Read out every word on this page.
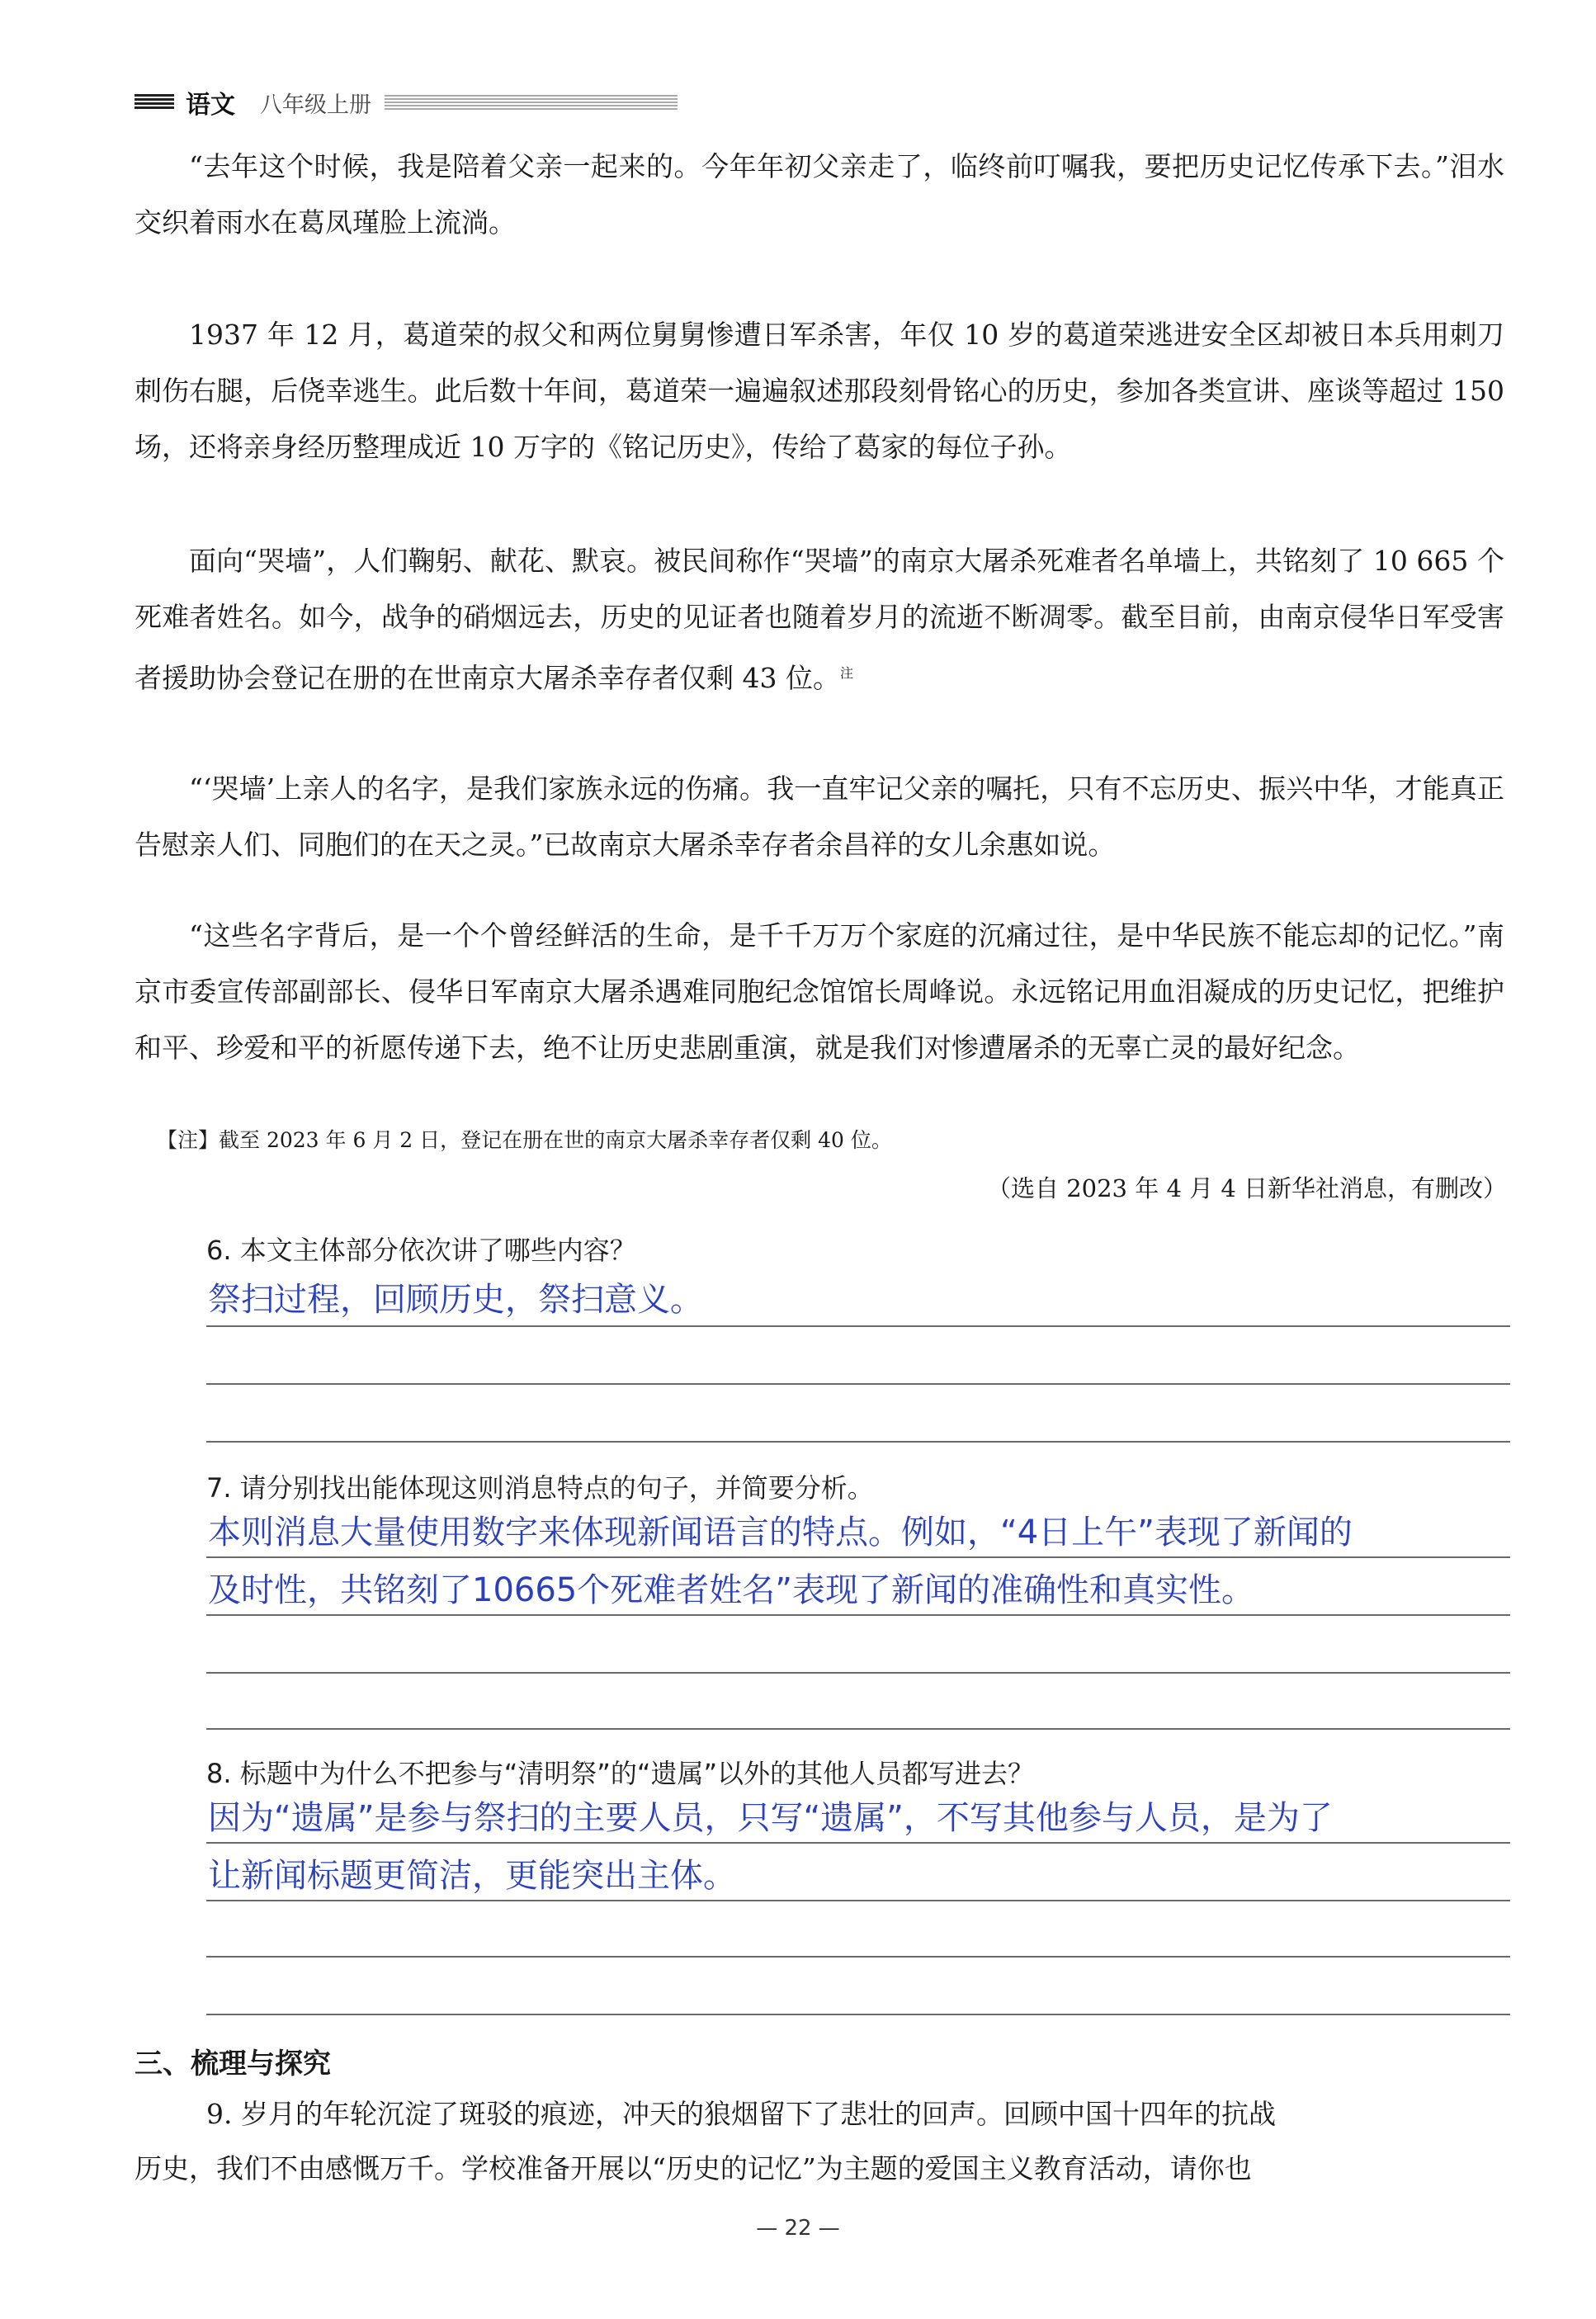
语文 八年级上册

“去年这个时候，我是陪着父亲一起来的。今年年初父亲走了，临终前叮嘱我，要把历史记忆传承下去。”泪水交织着雨水在葛凤瑾脸上流淌。

1937 年 12 月，葛道荣的叔父和两位舅舅惨遭日军杀害，年仅 10 岁的葛道荣逃进安全区却被日本兵用刺刀刺伤右腿，后侥幸逃生。此后数十年间，葛道荣一遍遍叙述那段刻骨铭心的历史，参加各类宣讲、座谈等超过 150 场，还将亲身经历整理成近 10 万字的《铭记历史》，传给了葛家的每位子孙。

面向“哭墙”，人们鞠躬、献花、默哀。被民间称作“哭墙”的南京大屠杀死难者名单墙上，共铭刻了 10 665 个死难者姓名。如今，战争的硝烟远去，历史的见证者也随着岁月的流逝不断凋零。截至目前，由南京侵华日军受害者援助协会登记在册的在世南京大屠杀幸存者仅剩 43 位。$^注$

“‘哭墙’上亲人的名字，是我们家族永远的伤痛。我一直牢记父亲的嘱托，只有不忘历史、振兴中华，才能真正告慰亲人们、同胞们的在天之灵。”已故南京大屠杀幸存者余昌祥的女儿余惠如说。

“这些名字背后，是一个个曾经鲜活的生命，是千千万万个家庭的沉痛过往，是中华民族不能忘却的记忆。”南京市委宣传部副部长、侵华日军南京大屠杀遇难同胞纪念馆馆长周峰说。永远铭记用血泪凝成的历史记忆，把维护和平、珍爱和平的祈愿传递下去，绝不让历史悲剧重演，就是我们对惨遭屠杀的无辜亡灵的最好纪念。

【注】截至 2023 年 6 月 2 日，登记在册在世的南京大屠杀幸存者仅剩 40 位。

（选自 2023 年 4 月 4 日新华社消息，有删改）

6. 本文主体部分依次讲了哪些内容？

祭扫过程，回顾历史，祭扫意义。

7. 请分别找出能体现这则消息特点的句子，并简要分析。

本则消息大量使用数字来体现新闻语言的特点。例如，“4日上午”表现了新闻的

及时性，共铭刻了10665个死难者姓名”表现了新闻的准确性和真实性。

8. 标题中为什么不把参与“清明祭”的“遗属”以外的其他人员都写进去？

因为“遗属”是参与祭扫的主要人员，只写“遗属”，不写其他参与人员，是为了

让新闻标题更简洁，更能突出主体。

三、梳理与探究

9. 岁月的年轮沉淀了斑驳的痕迹，冲天的狼烟留下了悲壮的回声。回顾中国十四年的抗战

历史，我们不由感慨万千。学校准备开展以“历史的记忆”为主题的爱国主义教育活动，请你也

— 22 —
